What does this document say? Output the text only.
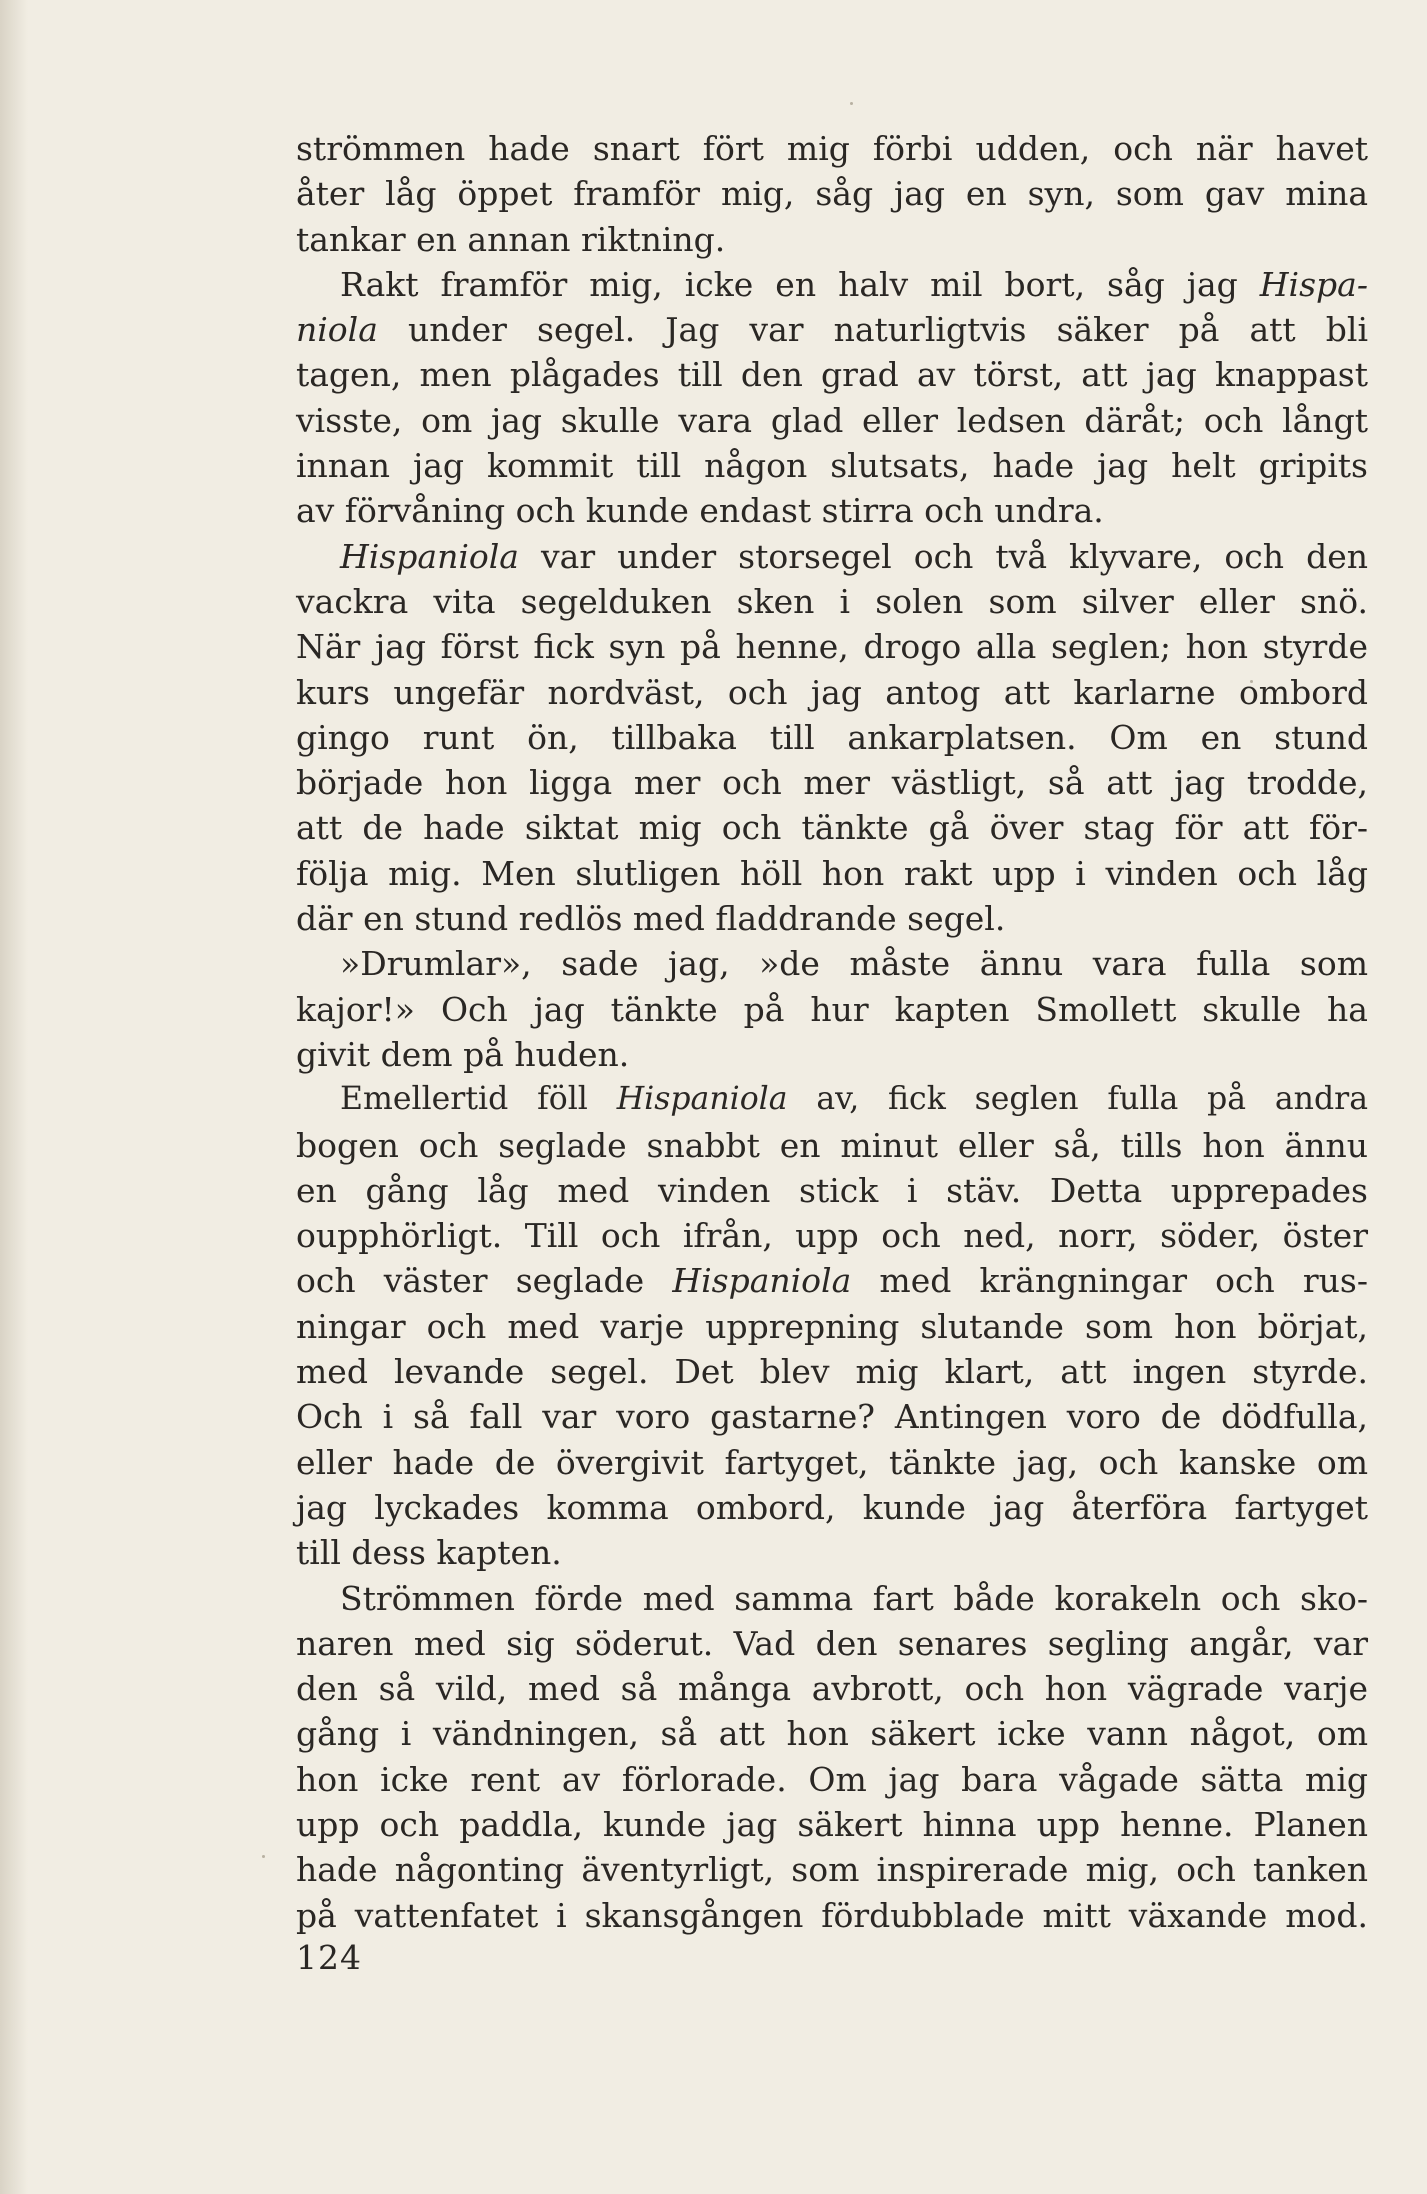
strömmen hade snart fört mig förbi udden, och när havet
åter låg öppet framför mig, såg jag en syn, som gav mina
tankar en annan riktning.
Rakt framför mig, icke en halv mil bort, såg jag Hispa-
niola under segel. Jag var naturligtvis säker på att bli
tagen, men plågades till den grad av törst, att jag knappast
visste, om jag skulle vara glad eller ledsen däråt; och långt
innan jag kommit till någon slutsats, hade jag helt gripits
av förvåning och kunde endast stirra och undra.
Hispaniola var under storsegel och två klyvare, och den
vackra vita segelduken sken i solen som silver eller snö.
När jag först fick syn på henne, drogo alla seglen; hon styrde
kurs ungefär nordväst, och jag antog att karlarne ombord
gingo runt ön, tillbaka till ankarplatsen. Om en stund
började hon ligga mer och mer västligt, så att jag trodde,
att de hade siktat mig och tänkte gå över stag för att för-
följa mig. Men slutligen höll hon rakt upp i vinden och låg
där en stund redlös med fladdrande segel.
»Drumlar», sade jag, »de måste ännu vara fulla som
kajor!» Och jag tänkte på hur kapten Smollett skulle ha
givit dem på huden.
Emellertid föll Hispaniola av, fick seglen fulla på andra
bogen och seglade snabbt en minut eller så, tills hon ännu
en gång låg med vinden stick i stäv. Detta upprepades
oupphörligt. Till och ifrån, upp och ned, norr, söder, öster
och väster seglade Hispaniola med krängningar och rus-
ningar och med varje upprepning slutande som hon börjat,
med levande segel. Det blev mig klart, att ingen styrde.
Och i så fall var voro gastarne? Antingen voro de dödfulla,
eller hade de övergivit fartyget, tänkte jag, och kanske om
jag lyckades komma ombord, kunde jag återföra fartyget
till dess kapten.
Strömmen förde med samma fart både korakeln och sko-
naren med sig söderut. Vad den senares segling angår, var
den så vild, med så många avbrott, och hon vägrade varje
gång i vändningen, så att hon säkert icke vann något, om
hon icke rent av förlorade. Om jag bara vågade sätta mig
upp och paddla, kunde jag säkert hinna upp henne. Planen
hade någonting äventyrligt, som inspirerade mig, och tanken
på vattenfatet i skansgången fördubblade mitt växande mod.
124
